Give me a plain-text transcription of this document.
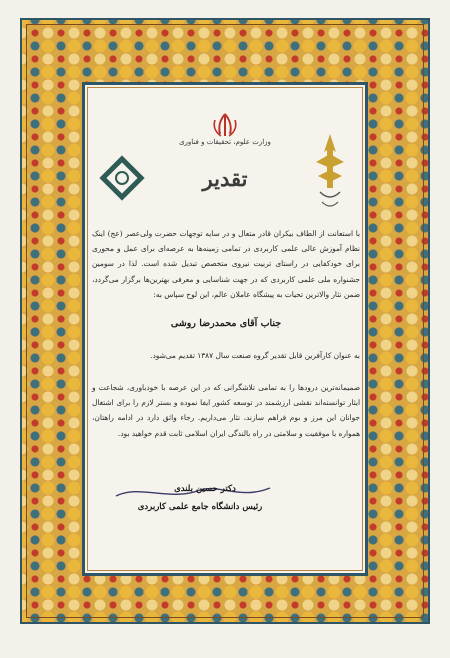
وزارت علوم، تحقیقات و فناوری

تقدیر

با استعانت از الطاف بیکران قادر متعال و در سایه توجهات حضرت ولی‌عصر (عج) اینک نظام آموزش عالی علمی کاربردی در تمامی زمینه‌ها به عرصه‌ای برای عمل و محوری برای خودکفایی در راستای تربیت نیروی متخصص تبدیل شده است. لذا در سومین جشنواره ملی علمی کاربردی که در جهت شناسایی و معرفی بهترین‌ها برگزار می‌گردد، ضمن نثار والاترین تحیات به پیشگاه عاملان عالم، این لوح سپاس به:

جناب آقای محمدرضا روشی

به عنوان کارآفرین قابل تقدیر گروه صنعت سال ۱۳۸۷ تقدیم می‌شود.

صمیمانه‌ترین درودها را به تمامی تلاشگرانی که در این عرصه با خودباوری، شجاعت و ایثار توانسته‌اند نقشی ارزشمند در توسعه کشور ایفا نموده و بستر لازم را برای اشتغال جوانان این مرز و بوم فراهم سازند، نثار می‌داریم. رجاء واثق دارد در ادامه راهتان، همواره با موفقیت و سلامتی در راه بالندگی ایران اسلامی ثابت قدم خواهید بود.

دکتر حسین بلندی

رئیس دانشگاه جامع علمی کاربردی
